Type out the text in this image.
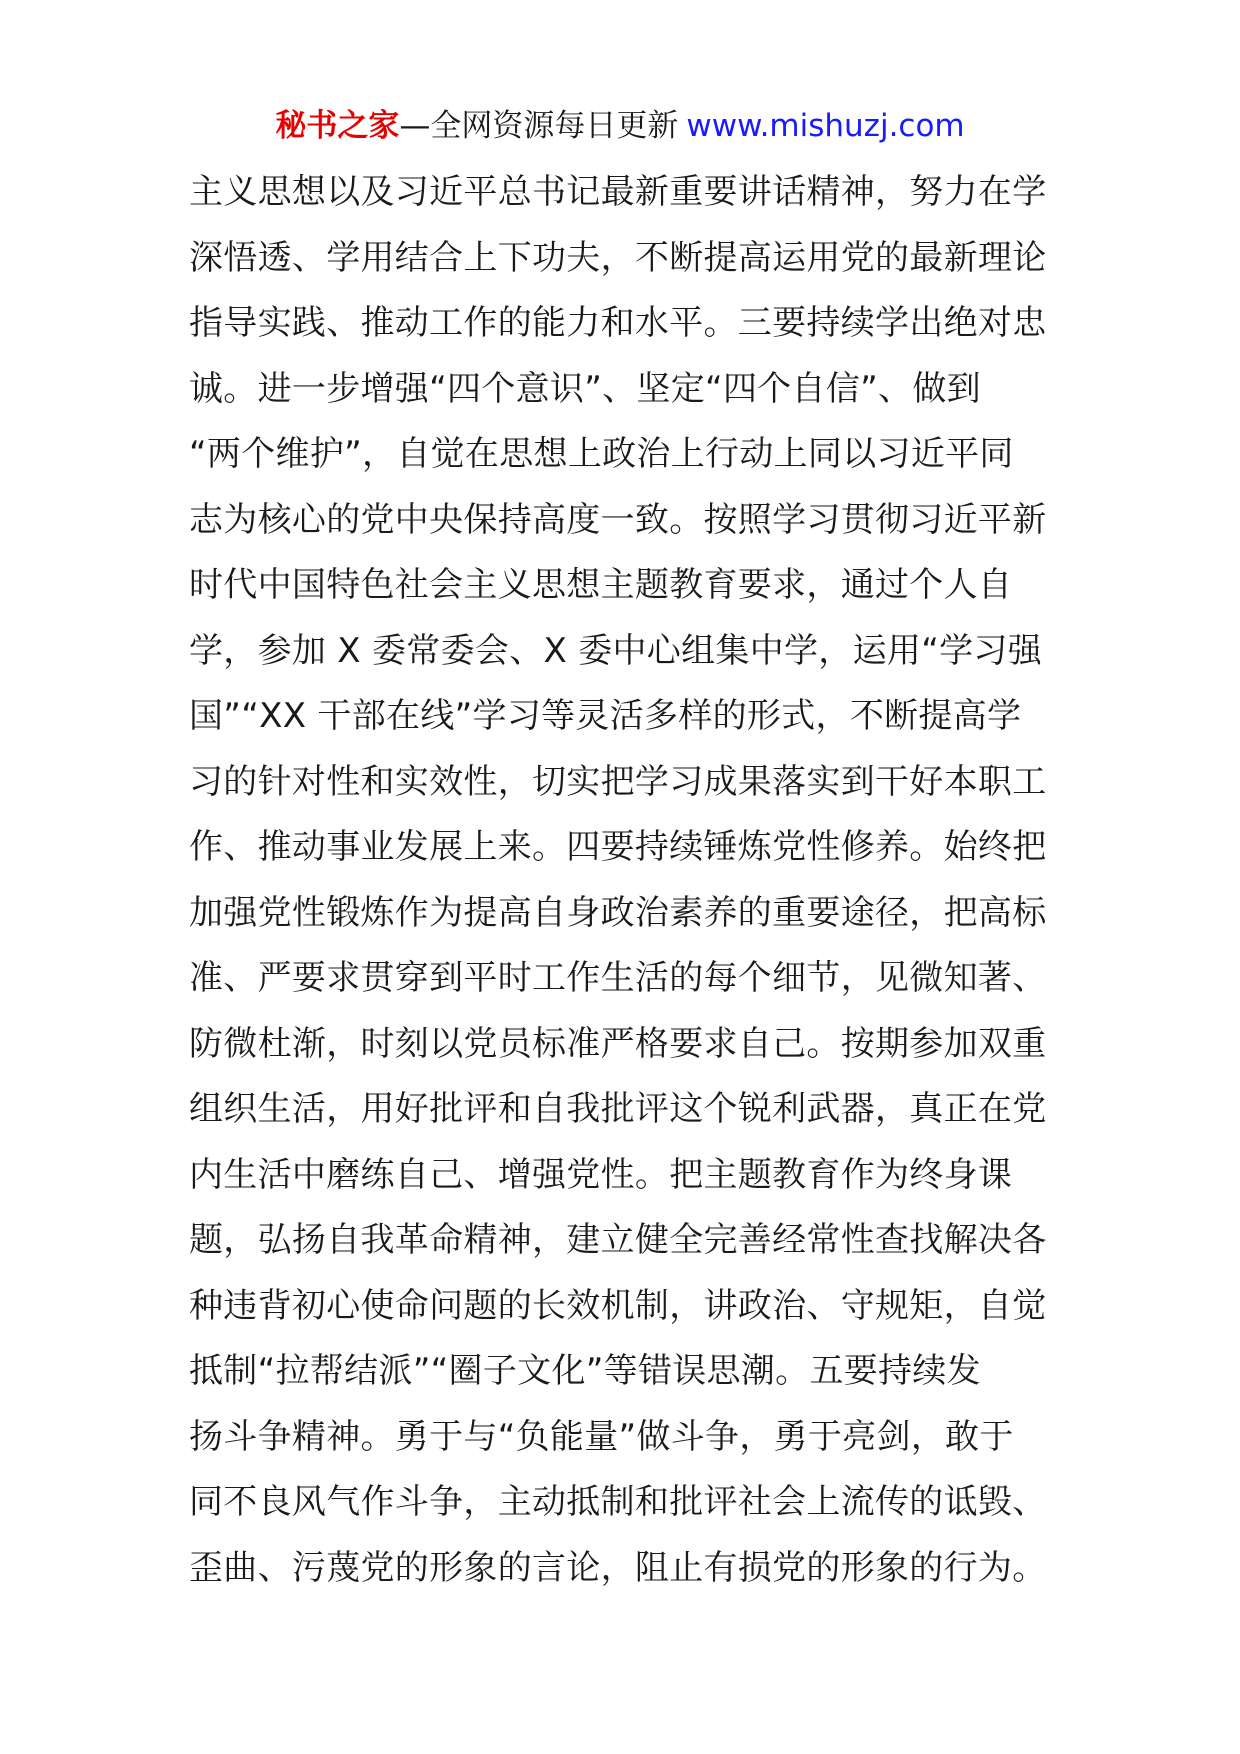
秘书之家—全网资源每日更新 www.mishuzj.com
主义思想以及习近平总书记最新重要讲话精神，努力在学
深悟透、学用结合上下功夫，不断提高运用党的最新理论
指导实践、推动工作的能力和水平。三要持续学出绝对忠
诚。进一步增强“四个意识”、坚定“四个自信”、做到
“两个维护”，自觉在思想上政治上行动上同以习近平同
志为核心的党中央保持高度一致。按照学习贯彻习近平新
时代中国特色社会主义思想主题教育要求，通过个人自
学，参加 X 委常委会、X 委中心组集中学，运用“学习强
国”“XX 干部在线”学习等灵活多样的形式，不断提高学
习的针对性和实效性，切实把学习成果落实到干好本职工
作、推动事业发展上来。四要持续锤炼党性修养。始终把
加强党性锻炼作为提高自身政治素养的重要途径，把高标
准、严要求贯穿到平时工作生活的每个细节，见微知著、
防微杜渐，时刻以党员标准严格要求自己。按期参加双重
组织生活，用好批评和自我批评这个锐利武器，真正在党
内生活中磨练自己、增强党性。把主题教育作为终身课
题，弘扬自我革命精神，建立健全完善经常性查找解决各
种违背初心使命问题的长效机制，讲政治、守规矩，自觉
抵制“拉帮结派”“圈子文化”等错误思潮。五要持续发
扬斗争精神。勇于与“负能量”做斗争，勇于亮剑，敢于
同不良风气作斗争，主动抵制和批评社会上流传的诋毁、
歪曲、污蔑党的形象的言论，阻止有损党的形象的行为。
